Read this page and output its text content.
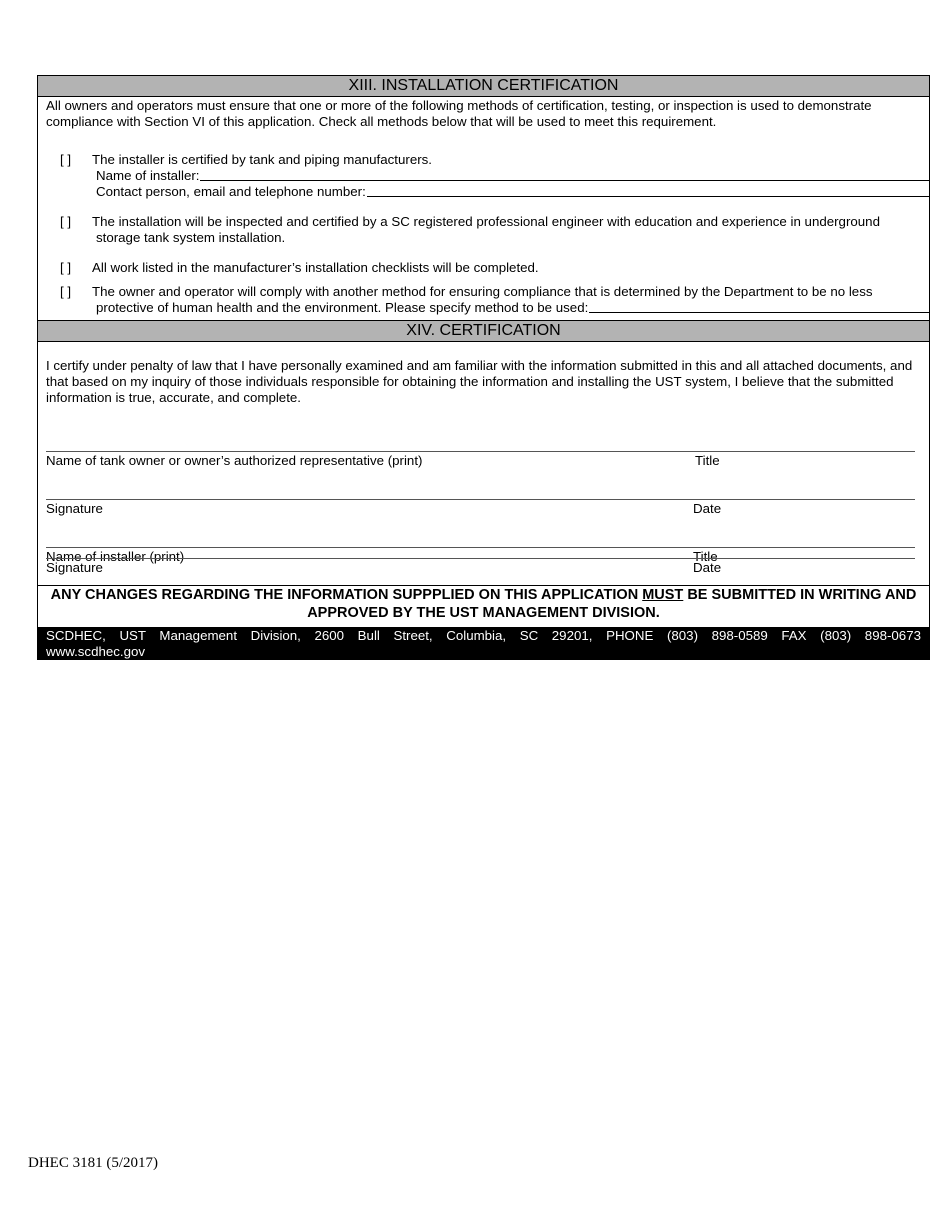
XIII. INSTALLATION CERTIFICATION
All owners and operators must ensure that one or more of the following methods of certification, testing, or inspection is used to demonstrate compliance with Section VI of this application. Check all methods below that will be used to meet this requirement.
[ ] The installer is certified by tank and piping manufacturers.
Name of installer:
Contact person, email and telephone number:
[ ] The installation will be inspected and certified by a SC registered professional engineer with education and experience in underground
storage tank system installation.
[ ] All work listed in the manufacturer’s installation checklists will be completed.
[ ] The owner and operator will comply with another method for ensuring compliance that is determined by the Department to be no less
protective of human health and the environment. Please specify method to be used:
XIV. CERTIFICATION
I certify under penalty of law that I have personally examined and am familiar with the information submitted in this and all attached documents, and that based on my inquiry of those individuals responsible for obtaining the information and installing the UST system, I believe that the submitted information is true, accurate, and complete.
Name of tank owner or owner’s authorized representative (print)	Title
Signature	Date
Name of installer (print)	Title
Signature	Date
ANY CHANGES REGARDING THE INFORMATION SUPPPLIED ON THIS APPLICATION MUST BE SUBMITTED IN WRITING AND APPROVED BY THE UST MANAGEMENT DIVISION.
SCDHEC, UST Management Division, 2600 Bull Street, Columbia, SC 29201, PHONE (803) 898-0589 FAX (803) 898-0673
www.scdhec.gov
DHEC 3181 (5/2017)
